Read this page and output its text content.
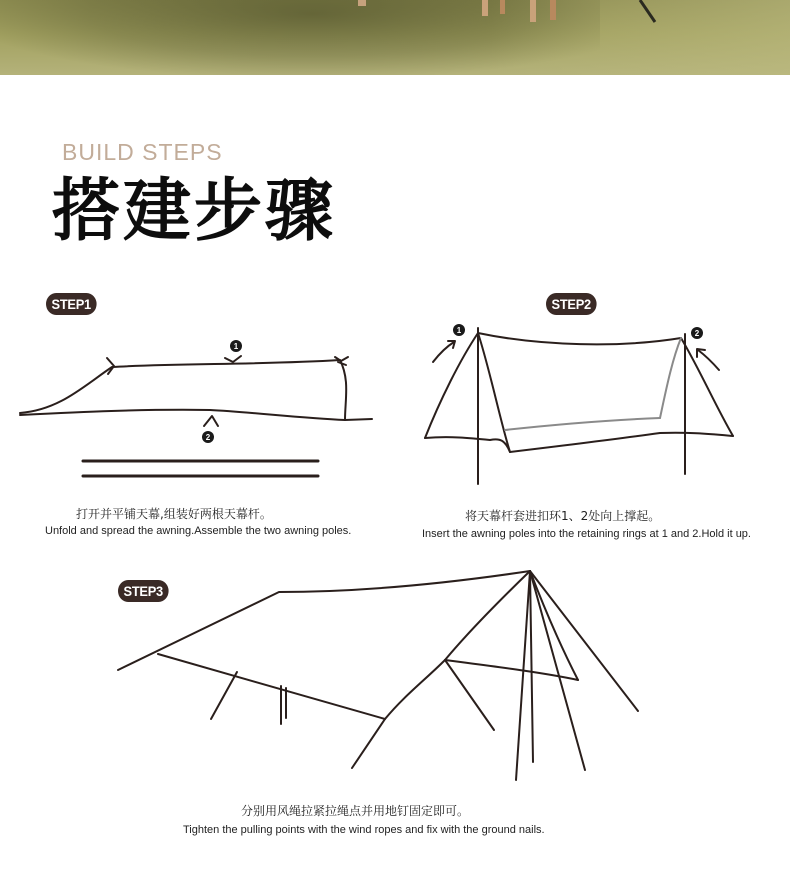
BUILD STEPS
搭建步骤
STEP1	STEP2
STEP3
1
2
1	2
打开并平铺天幕,组装好两根天幕杆。
Unfold and spread the awning.Assemble the two awning poles.
将天幕杆套进扣环1、2处向上撑起。
Insert the awning poles into the retaining rings at 1 and 2.Hold it up.
分别用风绳拉紧拉绳点并用地钉固定即可。
Tighten the pulling points with the wind ropes and fix with the ground nails.
